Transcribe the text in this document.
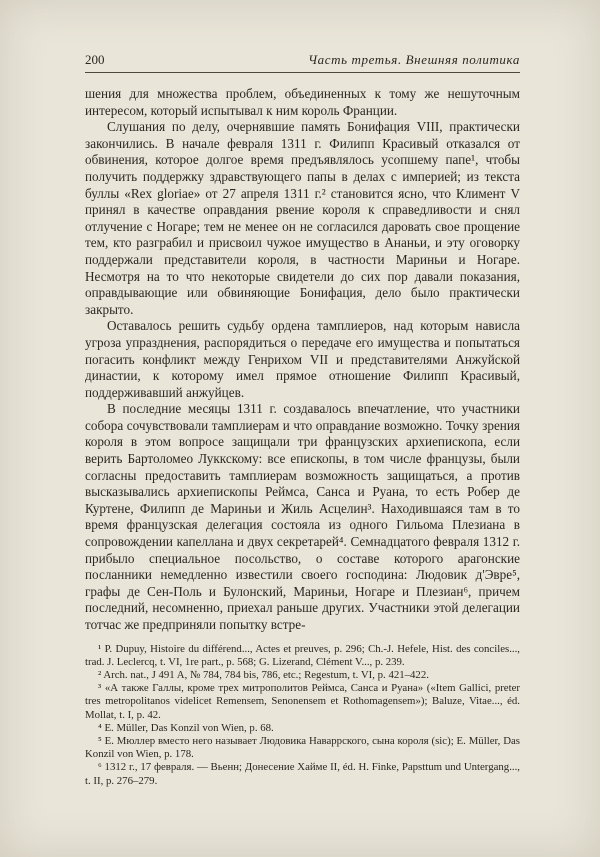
200	Часть третья. Внешняя политика

шения для множества проблем, объединенных к тому же нешуточным интересом, который испытывал к ним король Франции.

Слушания по делу, очернявшие память Бонифация VIII, практически закончились. В начале февраля 1311 г. Филипп Красивый отказался от обвинения, которое долгое время предъявлялось усопшему папе¹, чтобы получить поддержку здравствующего папы в делах с империей; из текста буллы «Rex gloriae» от 27 апреля 1311 г.² становится ясно, что Климент V принял в качестве оправдания рвение короля к справедливости и снял отлучение с Ногаре; тем не менее он не согласился даровать свое прощение тем, кто разграбил и присвоил чужое имущество в Ананьи, и эту оговорку поддержали представители короля, в частности Мариньи и Ногаре. Несмотря на то что некоторые свидетели до сих пор давали показания, оправдывающие или обвиняющие Бонифация, дело было практически закрыто.

Оставалось решить судьбу ордена тамплиеров, над которым нависла угроза упразднения, распорядиться о передаче его имущества и попытаться погасить конфликт между Генрихом VII и представителями Анжуйской династии, к которому имел прямое отношение Филипп Красивый, поддерживавший анжуйцев.

В последние месяцы 1311 г. создавалось впечатление, что участники собора сочувствовали тамплиерам и что оправдание возможно. Точку зрения короля в этом вопросе защищали три французских архиепископа, если верить Бартоломео Луккскому: все епископы, в том числе французы, были согласны предоставить тамплиерам возможность защищаться, а против высказывались архиепископы Реймса, Санса и Руана, то есть Робер де Куртене, Филипп де Мариньи и Жиль Асцелин³. Находившаяся там в то время французская делегация состояла из одного Гильома Плезиана в сопровождении капеллана и двух секретарей⁴. Семнадцатого февраля 1312 г. прибыло специальное посольство, о составе которого арагонские посланники немедленно известили своего господина: Людовик д'Эвре⁵, графы де Сен-Поль и Булонский, Мариньи, Ногаре и Плезиан⁶, причем последний, несомненно, приехал раньше других. Участники этой делегации тотчас же предприняли попытку встре-

¹ P. Dupuy, Histoire du différend..., Actes et preuves, p. 296; Ch.-J. Hefele, Hist. des conciles..., trad. J. Leclercq, t. VI, 1re part., p. 568; G. Lizerand, Clément V..., p. 239.

² Arch. nat., J 491 A, № 784, 784 bis, 786, etc.; Regestum, t. VI, p. 421–422.

³ «А также Галлы, кроме трех митрополитов Реймса, Санса и Руана» («Item Gallici, preter tres metropolitanos videlicet Remensem, Senonensem et Rothomagensem»); Baluze, Vitae..., éd. Mollat, t. I, p. 42.

⁴ E. Müller, Das Konzil von Wien, p. 68.

⁵ Е. Мюллер вместо него называет Людовика Наваррского, сына короля (sic); E. Müller, Das Konzil von Wien, p. 178.

⁶ 1312 г., 17 февраля. — Вьенн; Донесение Хайме II, éd. H. Finke, Papsttum und Untergang..., t. II, p. 276–279.
